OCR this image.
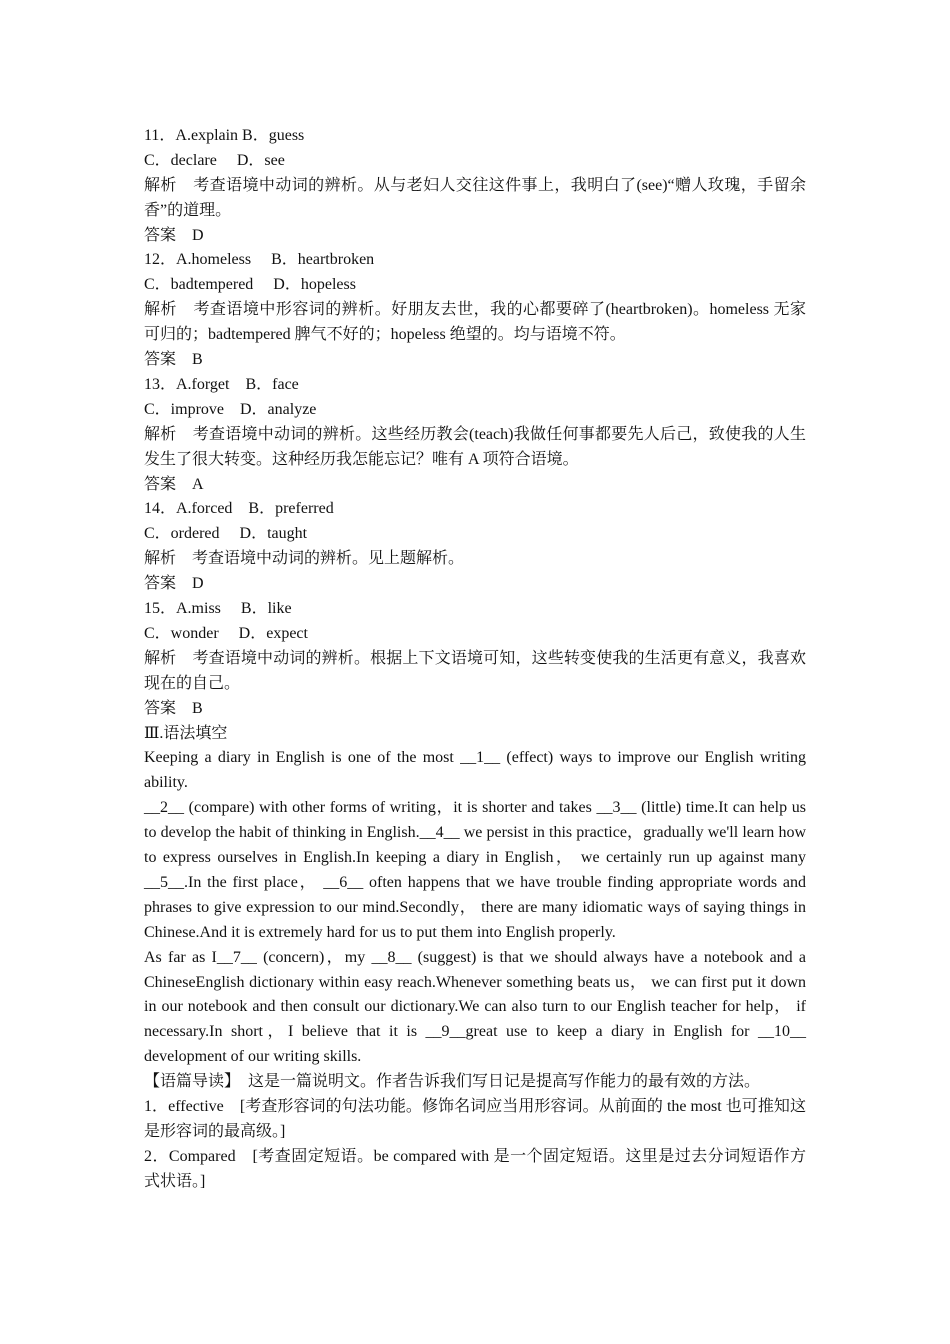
11．A.explain B．guess
C．declare　 D．see
解析　考查语境中动词的辨析。从与老妇人交往这件事上，我明白了(see)“赠人玫瑰，手留余香”的道理。
答案　D
12．A.homeless　 B．heartbroken
C．badtempered　 D．hopeless
解析　考查语境中形容词的辨析。好朋友去世，我的心都要碎了(heartbroken)。homeless 无家可归的；badtempered 脾气不好的；hopeless 绝望的。均与语境不符。
答案　B
13．A.forget　B．face
C．improve　D．analyze
解析　考查语境中动词的辨析。这些经历教会(teach)我做任何事都要先人后己，致使我的人生发生了很大转变。这种经历我怎能忘记？唯有 A 项符合语境。
答案　A
14．A.forced　B．preferred
C．ordered　 D．taught
解析　考查语境中动词的辨析。见上题解析。
答案　D
15．A.miss　 B．like
C．wonder　 D．expect
解析　考查语境中动词的辨析。根据上下文语境可知，这些转变使我的生活更有意义，我喜欢现在的自己。
答案　B
Ⅲ.语法填空
Keeping a diary in English is one of the most __1__ (effect) ways to improve our English writing ability.
__2__ (compare) with other forms of writing，it is shorter and takes __3__ (little) time.It can help us to develop the habit of thinking in English.__4__ we persist in this practice，gradually we'll learn how to express ourselves in English.In keeping a diary in English， we certainly run up against many __5__.In the first place， __6__ often happens that we have trouble finding appropriate words and phrases to give expression to our mind.Secondly， there are many idiomatic ways of saying things in Chinese.And it is extremely hard for us to put them into English properly.
As far as I__7__ (concern)，my __8__ (suggest) is that we should always have a notebook and a ChineseEnglish dictionary within easy reach.Whenever something beats us， we can first put it down in our notebook and then consult our dictionary.We can also turn to our English teacher for help， if necessary.In short，I believe that it is __9__great use to keep a diary in English for __10__ development of our writing skills.
【语篇导读】　这是一篇说明文。作者告诉我们写日记是提高写作能力的最有效的方法。
1．effective　[考查形容词的句法功能。修饰名词应当用形容词。从前面的 the most 也可推知这是形容词的最高级。]
2．Compared　[考查固定短语。be compared with 是一个固定短语。这里是过去分词短语作方式状语。]
